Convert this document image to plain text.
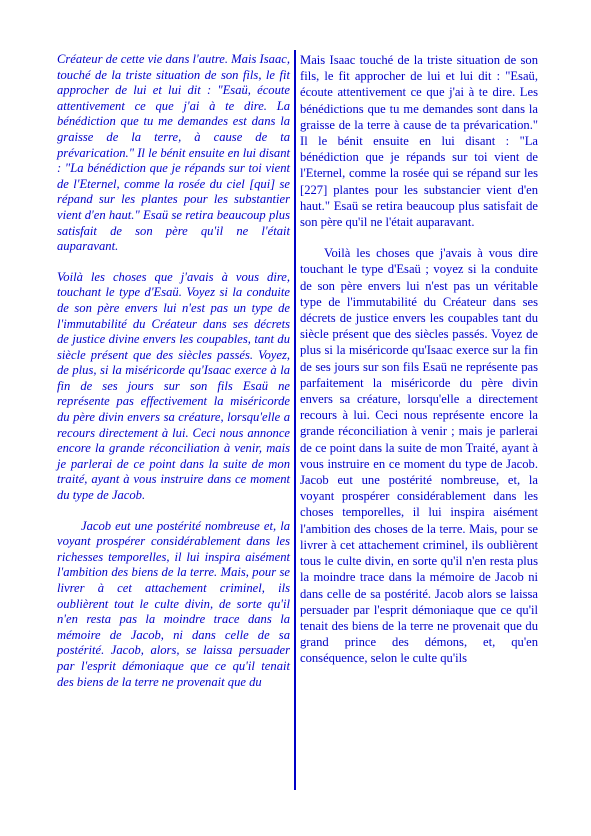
Créateur de cette vie dans l'autre. Mais Isaac, touché de la triste situation de son fils, le fit approcher de lui et lui dit : "Esaü, écoute attentivement ce que j'ai à te dire. La bénédiction que tu me demandes est dans la graisse de la terre, à cause de ta prévarication." Il le bénit ensuite en lui disant : "La bénédiction que je répands sur toi vient de l'Eternel, comme la rosée du ciel [qui] se répand sur les plantes pour les substantier vient d'en haut." Esaü se retira beaucoup plus satisfait de son père qu'il ne l'était auparavant.

Voilà les choses que j'avais à vous dire, touchant le type d'Esaü. Voyez si la conduite de son père envers lui n'est pas un type de l'immutabilité du Créateur dans ses décrets de justice divine envers les coupables, tant du siècle présent que des siècles passés. Voyez, de plus, si la miséricorde qu'Isaac exerce à la fin de ses jours sur son fils Esaü ne représente pas effectivement la miséricorde du père divin envers sa créature, lorsqu'elle a recours directement à lui. Ceci nous annonce encore la grande réconciliation à venir, mais je parlerai de ce point dans la suite de mon traité, ayant à vous instruire dans ce moment du type de Jacob.

Jacob eut une postérité nombreuse et, la voyant prospérer considérablement dans les richesses temporelles, il lui inspira aisément l'ambition des biens de la terre. Mais, pour se livrer à cet attachement criminel, ils oublièrent tout le culte divin, de sorte qu'il n'en resta pas la moindre trace dans la mémoire de Jacob, ni dans celle de sa postérité. Jacob, alors, se laissa persuader par l'esprit démoniaque que ce qu'il tenait des biens de la terre ne provenait que du

Mais Isaac touché de la triste situation de son fils, le fit approcher de lui et lui dit : "Esaü, écoute attentivement ce que j'ai à te dire. Les bénédictions que tu me demandes sont dans la graisse de la terre à cause de ta prévarication." Il le bénit ensuite en lui disant : "La bénédiction que je répands sur toi vient de l'Eternel, comme la rosée qui se répand sur les [227] plantes pour les substancier vient d'en haut." Esaü se retira beaucoup plus satisfait de son père qu'il ne l'était auparavant.

Voilà les choses que j'avais à vous dire touchant le type d'Esaü ; voyez si la conduite de son père envers lui n'est pas un véritable type de l'immutabilité du Créateur dans ses décrets de justice envers les coupables tant du siècle présent que des siècles passés. Voyez de plus si la miséricorde qu'Isaac exerce sur la fin de ses jours sur son fils Esaü ne représente pas parfaitement la miséricorde du père divin envers sa créature, lorsqu'elle a directement recours à lui. Ceci nous représente encore la grande réconciliation à venir ; mais je parlerai de ce point dans la suite de mon Traité, ayant à vous instruire en ce moment du type de Jacob. Jacob eut une postérité nombreuse, et, la voyant prospérer considérablement dans les choses temporelles, il lui inspira aisément l'ambition des choses de la terre. Mais, pour se livrer à cet attachement criminel, ils oublièrent tous le culte divin, en sorte qu'il n'en resta plus la moindre trace dans la mémoire de Jacob ni dans celle de sa postérité. Jacob alors se laissa persuader par l'esprit démoniaque que ce qu'il tenait des biens de la terre ne provenait que du grand prince des démons, et, qu'en conséquence, selon le culte qu'ils
